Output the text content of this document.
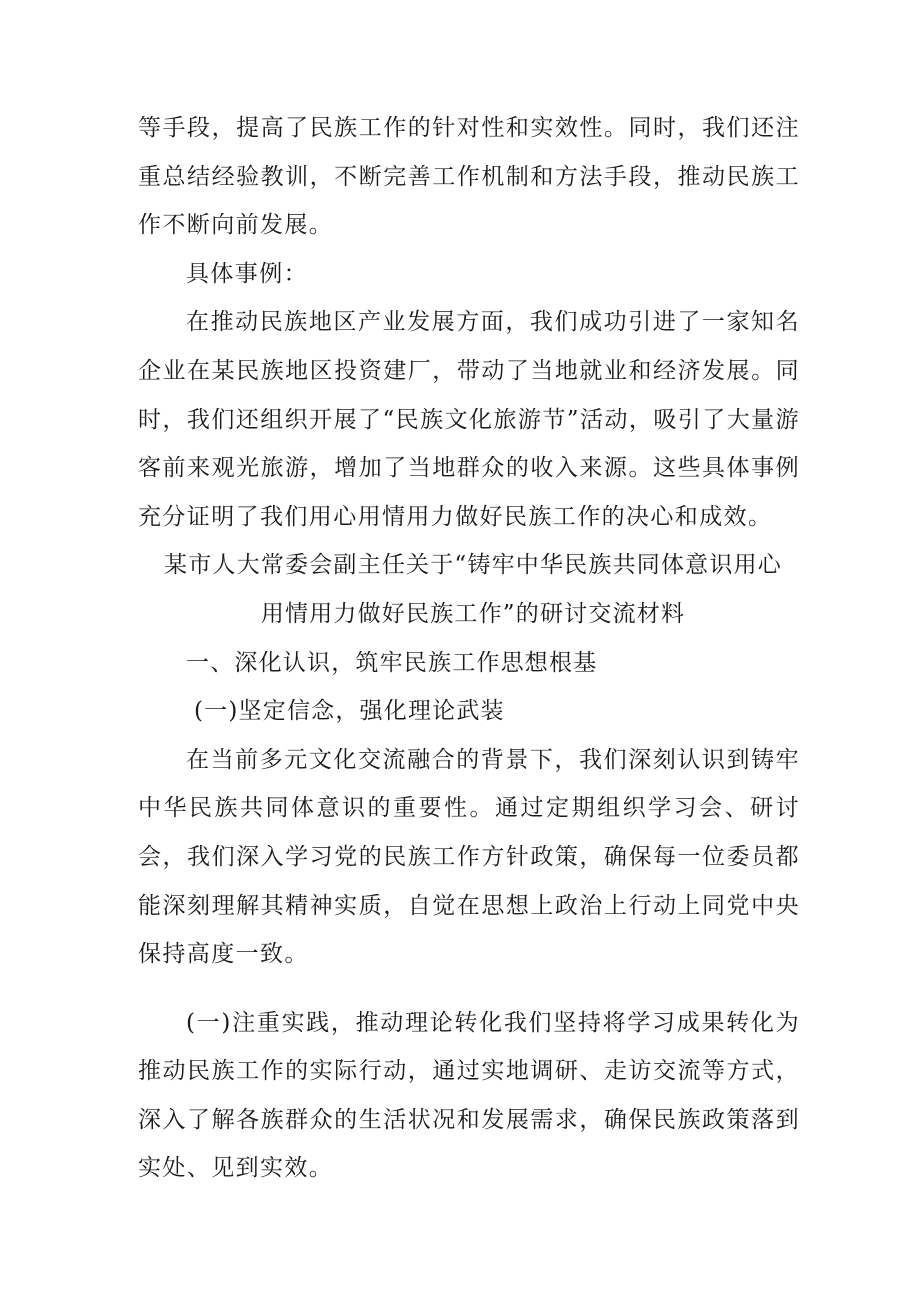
等手段，提高了民族工作的针对性和实效性。同时，我们还注重总结经验教训，不断完善工作机制和方法手段，推动民族工作不断向前发展。

具体事例：

在推动民族地区产业发展方面，我们成功引进了一家知名企业在某民族地区投资建厂，带动了当地就业和经济发展。同时，我们还组织开展了“民族文化旅游节”活动，吸引了大量游客前来观光旅游，增加了当地群众的收入来源。这些具体事例充分证明了我们用心用情用力做好民族工作的决心和成效。

某市人大常委会副主任关于“铸牢中华民族共同体意识用心

用情用力做好民族工作”的研讨交流材料

一、深化认识，筑牢民族工作思想根基

(一)坚定信念，强化理论武装

在当前多元文化交流融合的背景下，我们深刻认识到铸牢中华民族共同体意识的重要性。通过定期组织学习会、研讨会，我们深入学习党的民族工作方针政策，确保每一位委员都能深刻理解其精神实质，自觉在思想上政治上行动上同党中央保持高度一致。

(一)注重实践，推动理论转化我们坚持将学习成果转化为推动民族工作的实际行动，通过实地调研、走访交流等方式，深入了解各族群众的生活状况和发展需求，确保民族政策落到实处、见到实效。
